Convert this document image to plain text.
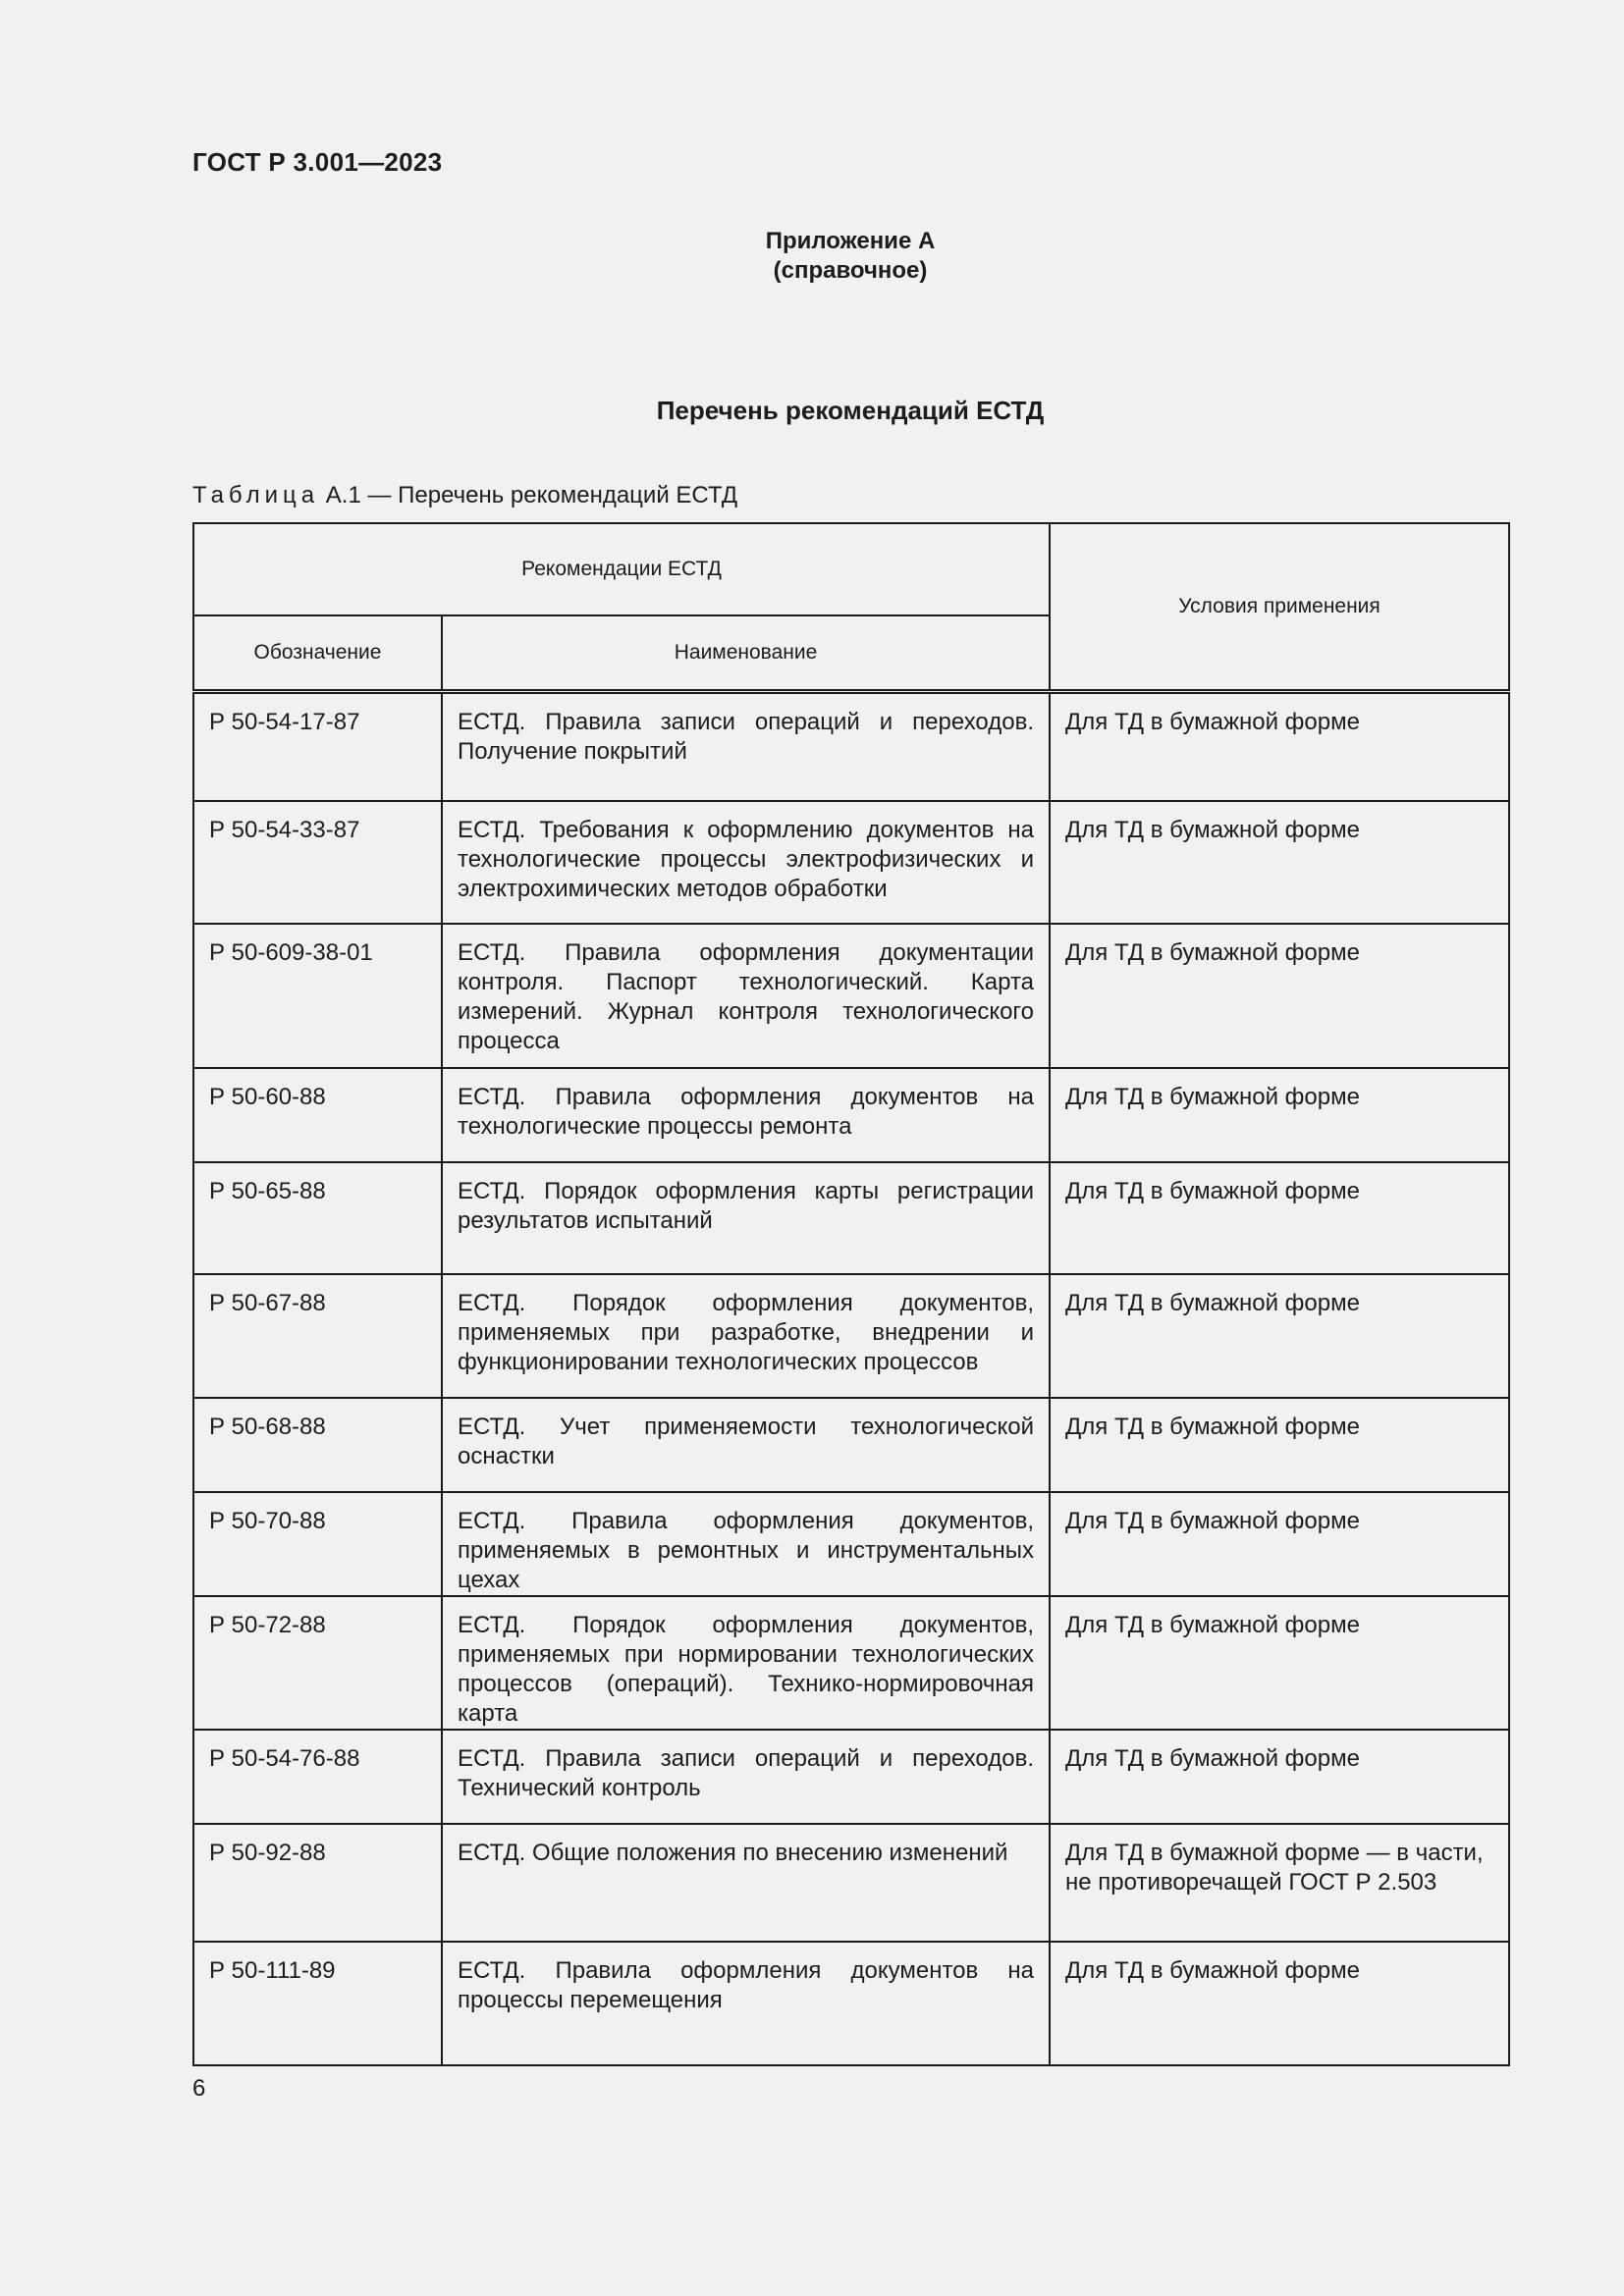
ГОСТ Р 3.001—2023

Приложение А
(справочное)

Перечень рекомендаций ЕСТД

Таблица А.1 — Перечень рекомендаций ЕСТД

Рекомендации ЕСТД		Условия применения
Обозначение	Наименование	
Р 50-54-17-87	ЕСТД. Правила записи операций и переходов. Получение покрытий	Для ТД в бумажной форме
Р 50-54-33-87	ЕСТД. Требования к оформлению документов на технологические процессы электрофизических и электрохимических методов обработки	Для ТД в бумажной форме
Р 50-609-38-01	ЕСТД. Правила оформления документации контроля. Паспорт технологический. Карта измерений. Журнал контроля технологического процесса	Для ТД в бумажной форме
Р 50-60-88	ЕСТД. Правила оформления документов на технологические процессы ремонта	Для ТД в бумажной форме
Р 50-65-88	ЕСТД. Порядок оформления карты регистрации результатов испытаний	Для ТД в бумажной форме
Р 50-67-88	ЕСТД. Порядок оформления документов, применяемых при разработке, внедрении и функционировании технологических процессов	Для ТД в бумажной форме
Р 50-68-88	ЕСТД. Учет применяемости технологической оснастки	Для ТД в бумажной форме
Р 50-70-88	ЕСТД. Правила оформления документов, применяемых в ремонтных и инструментальных цехах	Для ТД в бумажной форме
Р 50-72-88	ЕСТД. Порядок оформления документов, применяемых при нормировании технологических процессов (операций). Технико-нормировочная карта	Для ТД в бумажной форме
Р 50-54-76-88	ЕСТД. Правила записи операций и переходов. Технический контроль	Для ТД в бумажной форме
Р 50-92-88	ЕСТД. Общие положения по внесению изменений	Для ТД в бумажной форме — в части, не противоречащей ГОСТ Р 2.503
Р 50-111-89	ЕСТД. Правила оформления документов на процессы перемещения	Для ТД в бумажной форме

6
